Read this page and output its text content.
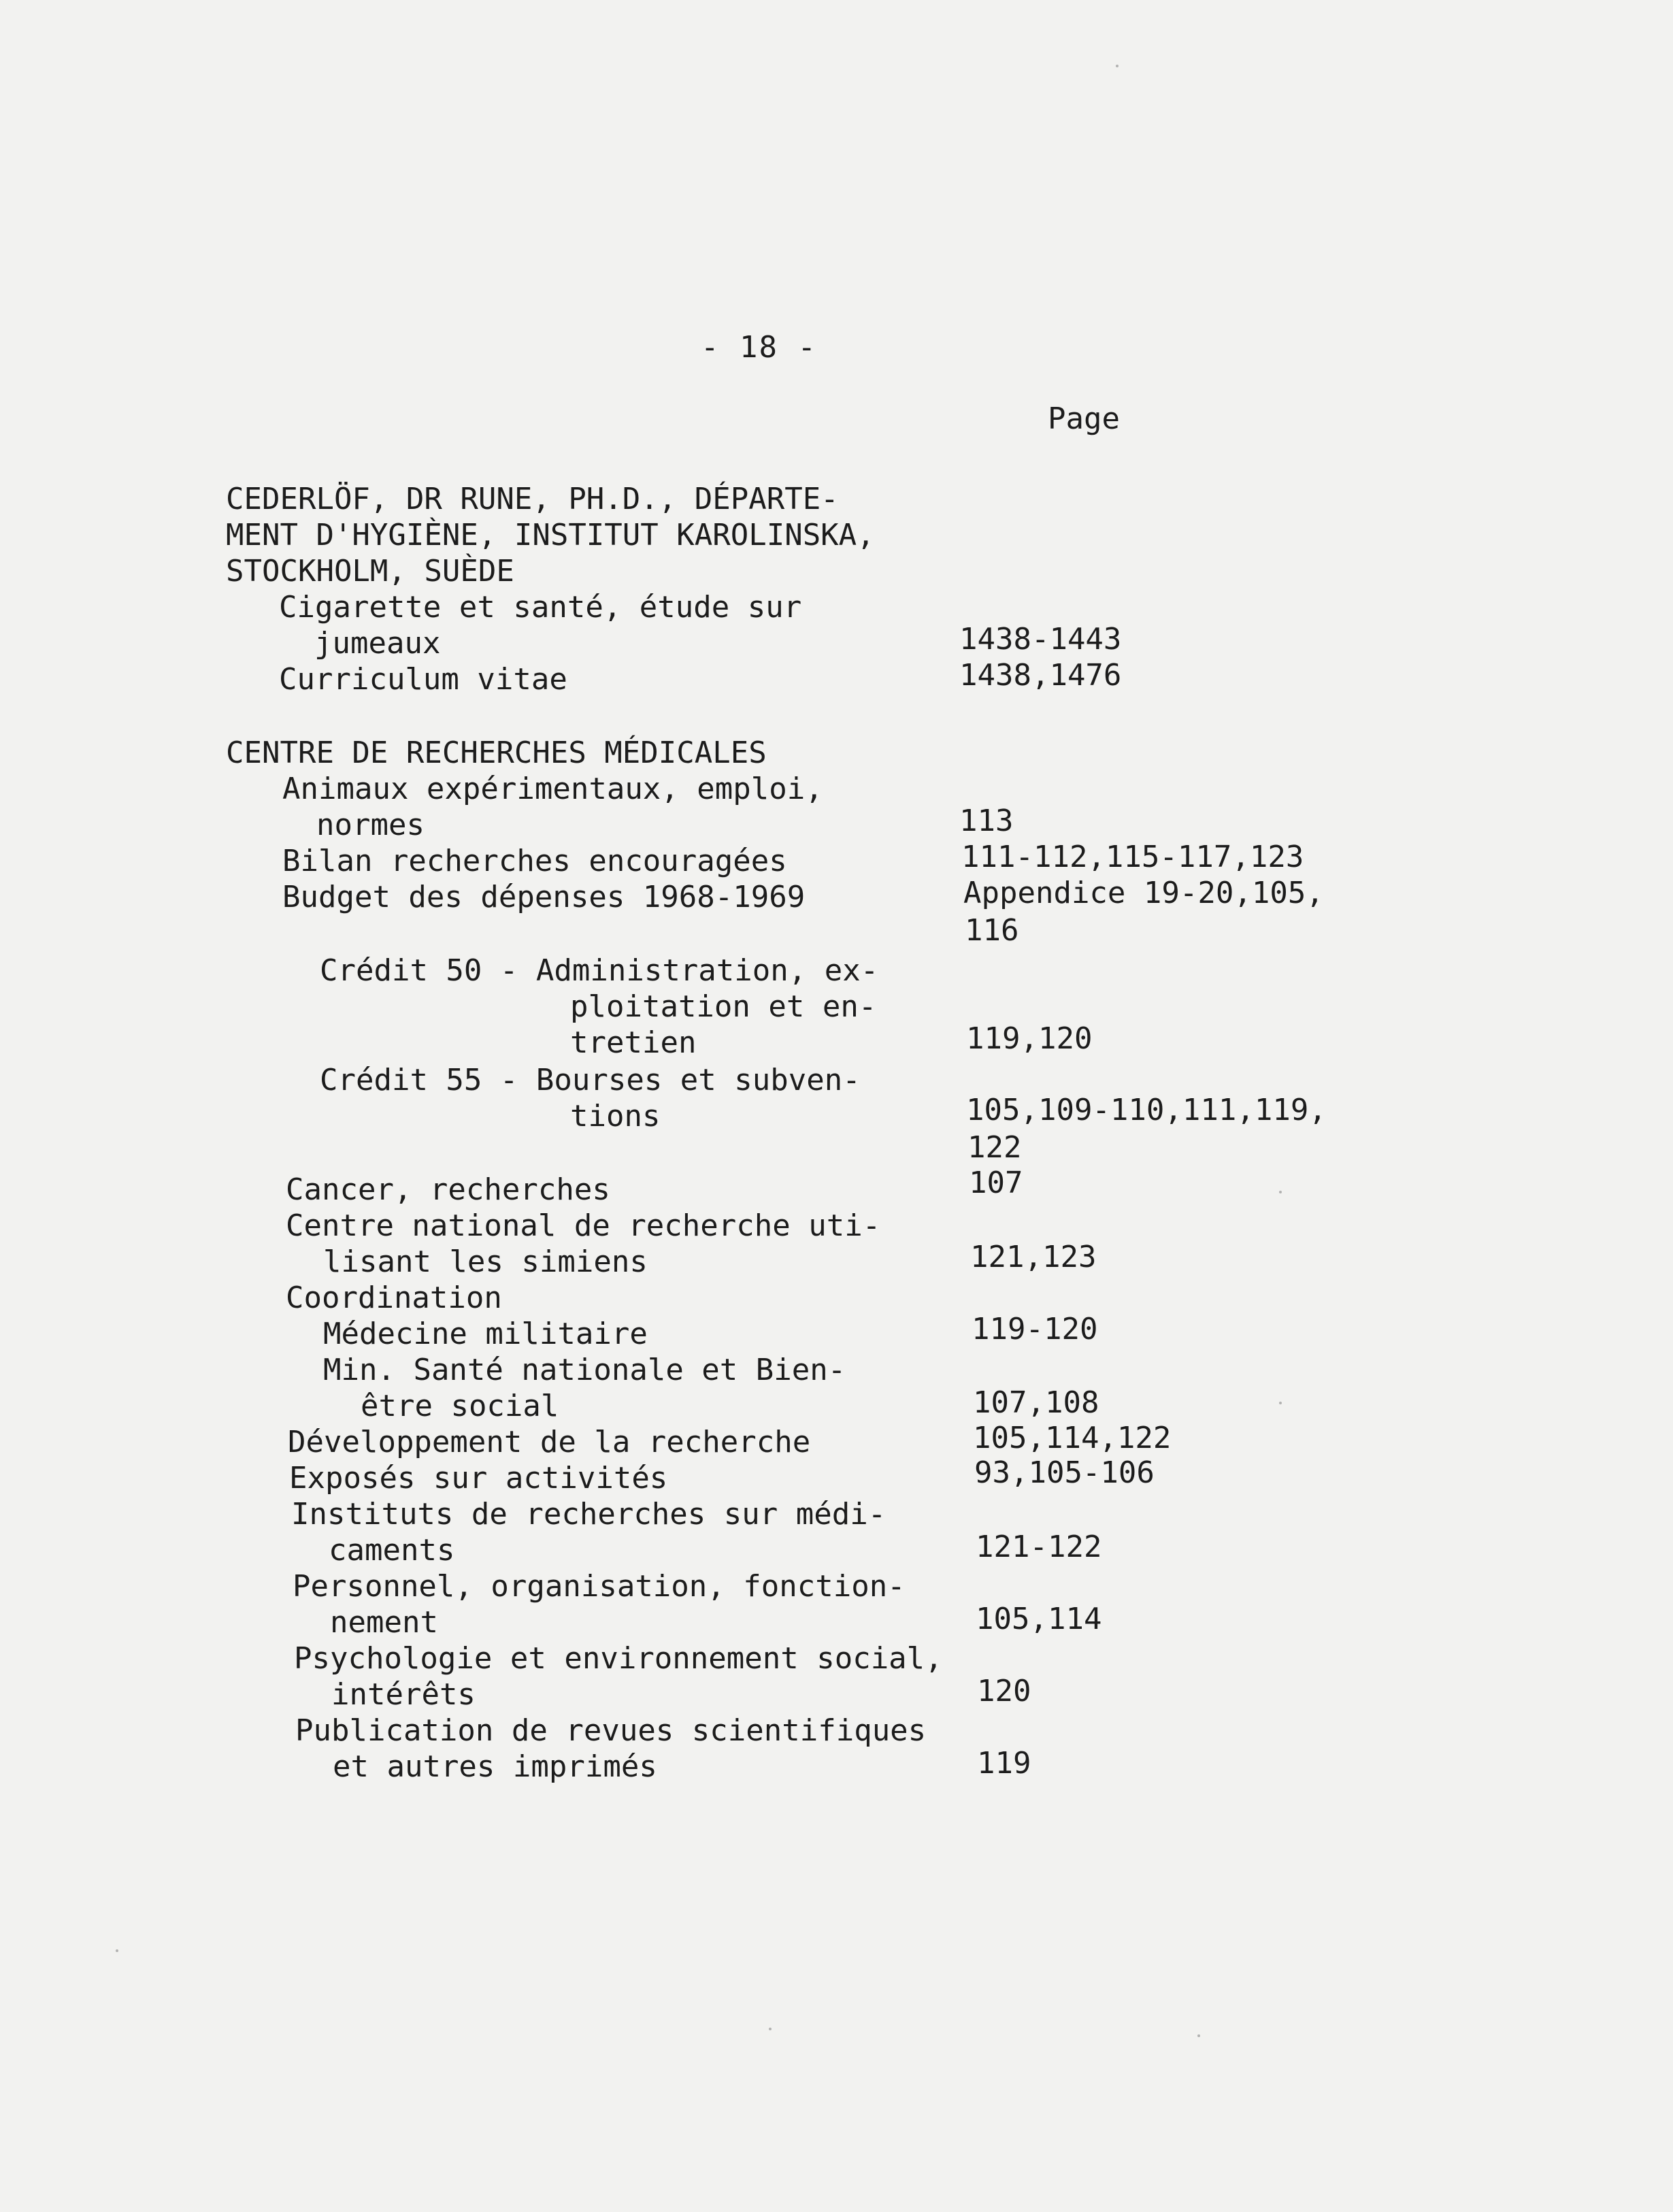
- 18 -
Page
CEDERLÖF, DR RUNE, PH.D., DÉPARTE-
MENT D'HYGIÈNE, INSTITUT KAROLINSKA,
STOCKHOLM, SUÈDE
Cigarette et santé, étude sur
jumeaux	1438-1443
Curriculum vitae	1438,1476
CENTRE DE RECHERCHES MÉDICALES
Animaux expérimentaux, emploi,
normes	113
Bilan recherches encouragées	111-112,115-117,123
Budget des dépenses 1968-1969	Appendice 19-20,105,
116
Crédit 50 - Administration, ex-
ploitation et en-
tretien	119,120
Crédit 55 - Bourses et subven-
tions	105,109-110,111,119,
122
Cancer, recherches	107
Centre national de recherche uti-
lisant les simiens	121,123
Coordination
Médecine militaire	119-120
Min. Santé nationale et Bien-
être social	107,108
Développement de la recherche	105,114,122
Exposés sur activités	93,105-106
Instituts de recherches sur médi-
caments	121-122
Personnel, organisation, fonction-
nement	105,114
Psychologie et environnement social,
intérêts	120
Publication de revues scientifiques
et autres imprimés	119
